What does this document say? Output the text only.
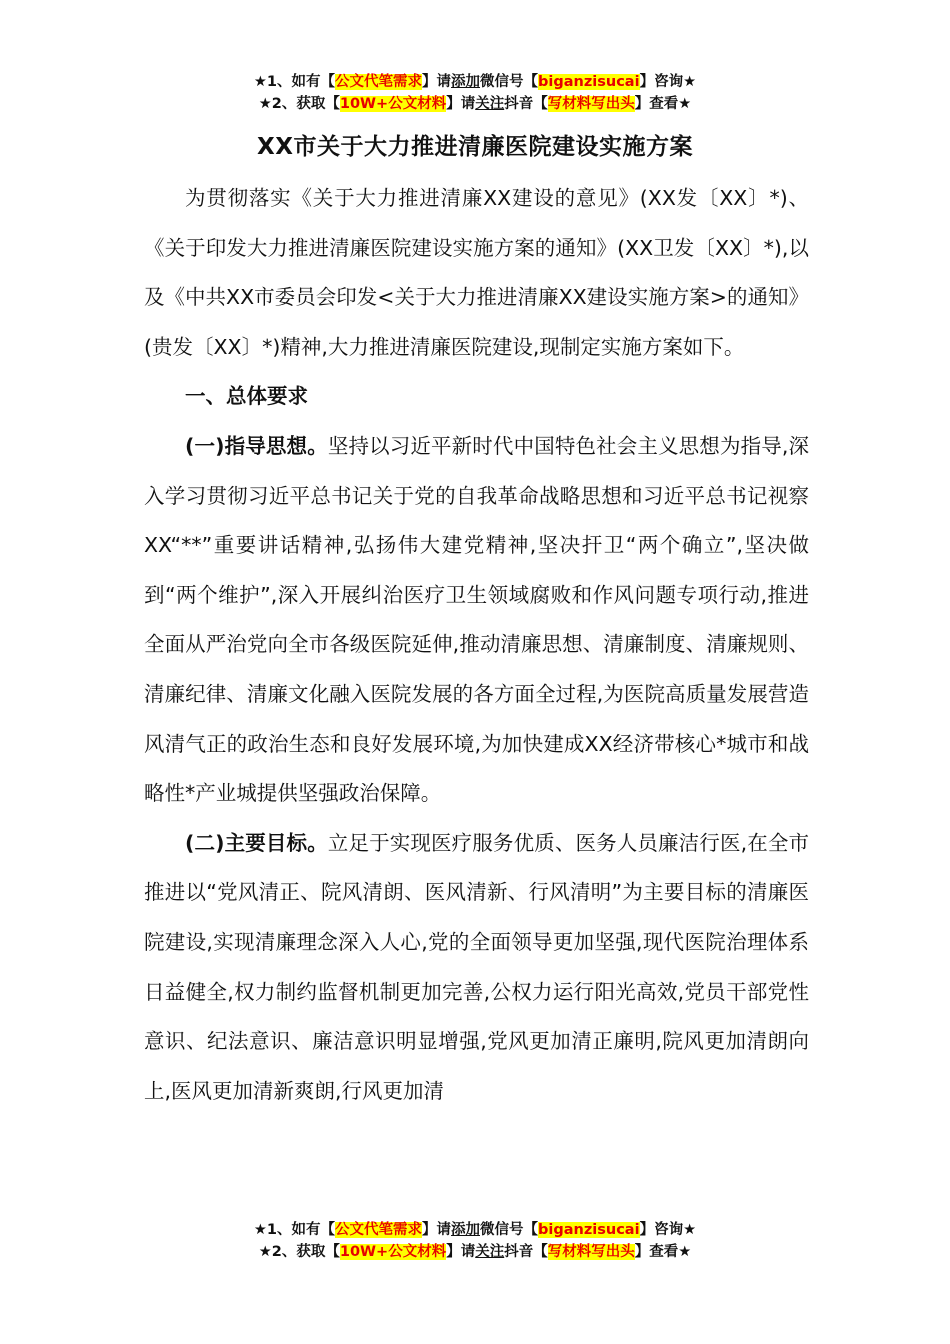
★1、如有【公文代笔需求】请添加微信号【biganzisucai】咨询★
★2、获取【10W+公文材料】请关注抖音【写材料写出头】查看★
XX市关于大力推进清廉医院建设实施方案

为贯彻落实《关于大力推进清廉XX建设的意见》(XX发〔XX〕*)、《关于印发大力推进清廉医院建设实施方案的通知》(XX卫发〔XX〕*),以及《中共XX市委员会印发<关于大力推进清廉XX建设实施方案>的通知》(贵发〔XX〕*)精神,大力推进清廉医院建设,现制定实施方案如下。

一、总体要求

(一)指导思想。坚持以习近平新时代中国特色社会主义思想为指导,深入学习贯彻习近平总书记关于党的自我革命战略思想和习近平总书记视察XX“**”重要讲话精神,弘扬伟大建党精神,坚决扞卫“两个确立”,坚决做到“两个维护”,深入开展纠治医疗卫生领域腐败和作风问题专项行动,推进全面从严治党向全市各级医院延伸,推动清廉思想、清廉制度、清廉规则、清廉纪律、清廉文化融入医院发展的各方面全过程,为医院高质量发展营造风清气正的政治生态和良好发展环境,为加快建成XX经济带核心*城市和战略性*产业城提供坚强政治保障。

(二)主要目标。立足于实现医疗服务优质、医务人员廉洁行医,在全市推进以“党风清正、院风清朗、医风清新、行风清明”为主要目标的清廉医院建设,实现清廉理念深入人心,党的全面领导更加坚强,现代医院治理体系日益健全,权力制约监督机制更加完善,公权力运行阳光高效,党员干部党性意识、纪法意识、廉洁意识明显增强,党风更加清正廉明,院风更加清朗向上,医风更加清新爽朗,行风更加清

★1、如有【公文代笔需求】请添加微信号【biganzisucai】咨询★
★2、获取【10W+公文材料】请关注抖音【写材料写出头】查看★
